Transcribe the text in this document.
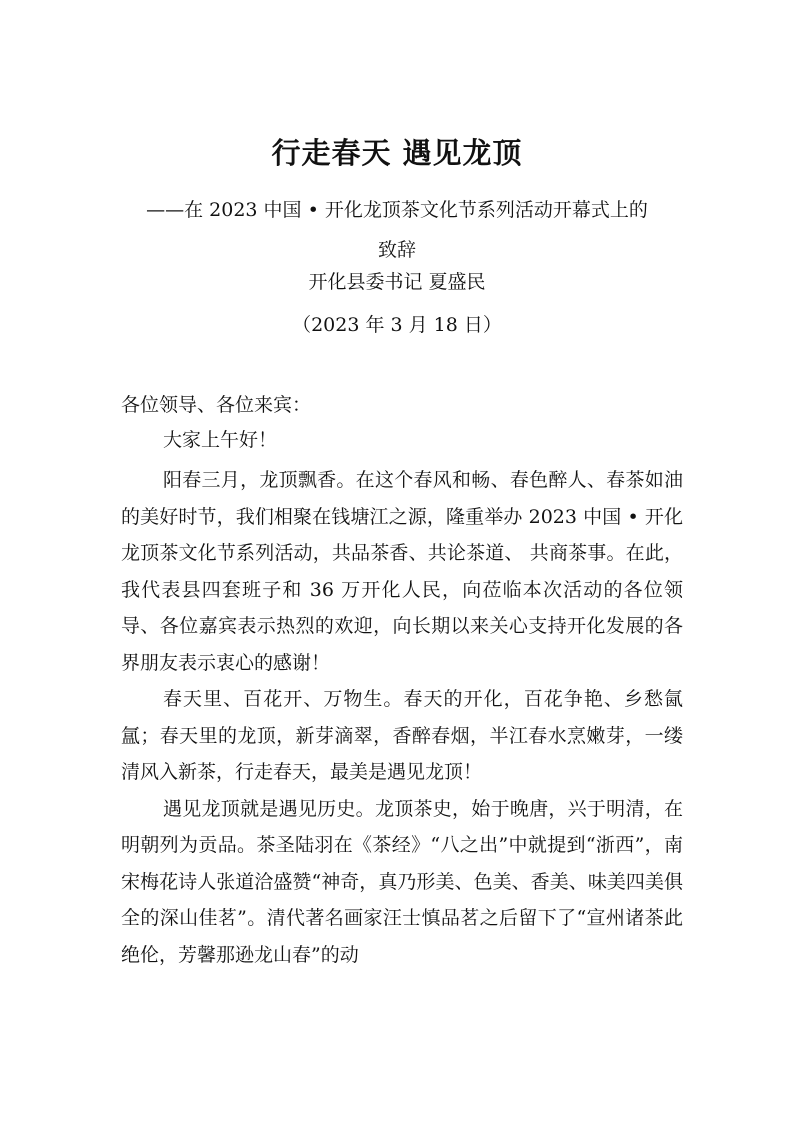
行走春天 遇见龙顶
——在 2023 中国 • 开化龙顶茶文化节系列活动开幕式上的
致辞
开化县委书记 夏盛民
（2023 年 3 月 18 日）
各位领导、各位来宾：
大家上午好！

阳春三月，龙顶飘香。在这个春风和畅、春色醉人、春茶如油的美好时节，我们相聚在钱塘江之源，隆重举办 2023 中国 • 开化龙顶茶文化节系列活动，共品茶香、共论茶道、 共商茶事。在此，我代表县四套班子和 36 万开化人民，向莅临本次活动的各位领导、各位嘉宾表示热烈的欢迎，向长期以来关心支持开化发展的各界朋友表示衷心的感谢！

春天里、百花开、万物生。春天的开化，百花争艳、乡愁氤氲；春天里的龙顶，新芽滴翠，香醉春烟，半江春水烹嫩芽，一缕清风入新茶，行走春天，最美是遇见龙顶！

遇见龙顶就是遇见历史。龙顶茶史，始于晚唐，兴于明清，在明朝列为贡品。茶圣陆羽在《茶经》“八之出”中就提到“浙西”，南宋梅花诗人张道洽盛赞“神奇，真乃形美、色美、香美、味美四美俱全的深山佳茗”。清代著名画家汪士慎品茗之后留下了“宣州诸茶此绝伦，芳馨那逊龙山春”的动
